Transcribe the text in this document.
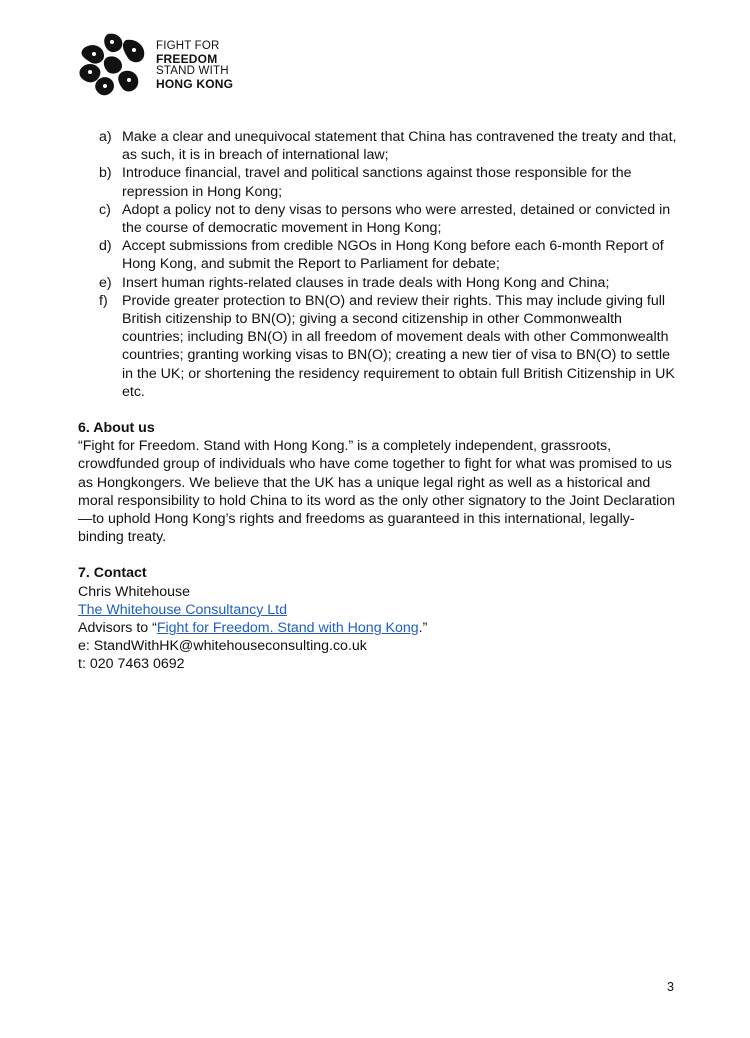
FIGHT FOR
FREEDOM
STAND WITH
HONG KONG
a) Make a clear and unequivocal statement that China has contravened the treaty and that, as such, it is in breach of international law;
b) Introduce financial, travel and political sanctions against those responsible for the repression in Hong Kong;
c) Adopt a policy not to deny visas to persons who were arrested, detained or convicted in the course of democratic movement in Hong Kong;
d) Accept submissions from credible NGOs in Hong Kong before each 6-month Report of Hong Kong, and submit the Report to Parliament for debate;
e) Insert human rights-related clauses in trade deals with Hong Kong and China;
f) Provide greater protection to BN(O) and review their rights. This may include giving full British citizenship to BN(O); giving a second citizenship in other Commonwealth countries; including BN(O) in all freedom of movement deals with other Commonwealth countries; granting working visas to BN(O); creating a new tier of visa to BN(O) to settle in the UK; or shortening the residency requirement to obtain full British Citizenship in UK etc.
6. About us

“Fight for Freedom. Stand with Hong Kong.” is a completely independent, grassroots, crowdfunded group of individuals who have come together to fight for what was promised to us as Hongkongers. We believe that the UK has a unique legal right as well as a historical and moral responsibility to hold China to its word as the only other signatory to the Joint Declaration—to uphold Hong Kong’s rights and freedoms as guaranteed in this international, legally-binding treaty.

7. Contact

Chris Whitehouse

The Whitehouse Consultancy Ltd

Advisors to “Fight for Freedom. Stand with Hong Kong.”

e: StandWithHK@whitehouseconsulting.co.uk

t: 020 7463 0692

3
